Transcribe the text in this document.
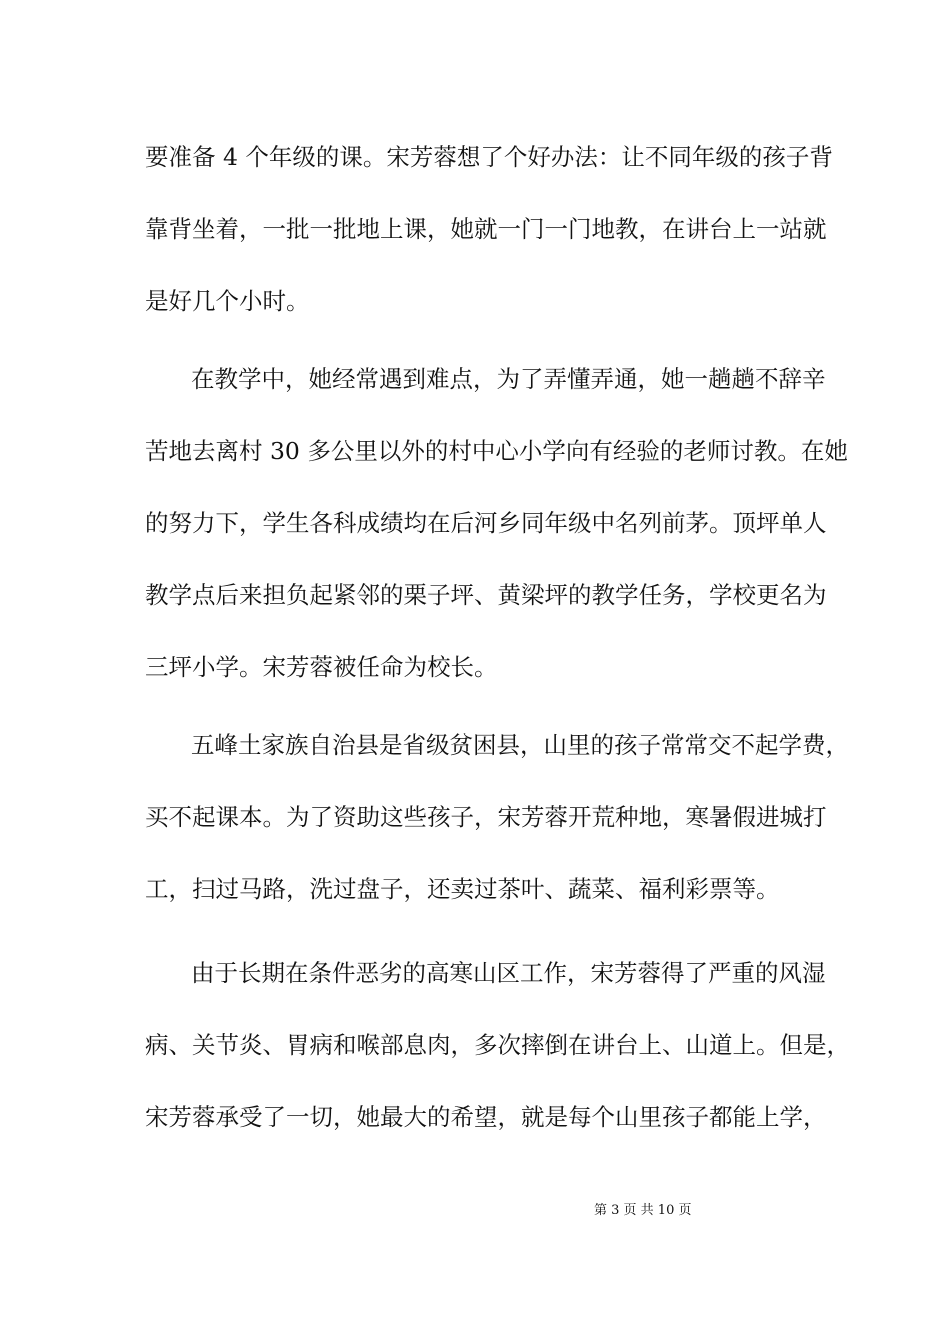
要准备 4 个年级的课。宋芳蓉想了个好办法：让不同年级的孩子背
靠背坐着，一批一批地上课，她就一门一门地教，在讲台上一站就
是好几个小时。
在教学中，她经常遇到难点，为了弄懂弄通，她一趟趟不辞辛
苦地去离村 30 多公里以外的村中心小学向有经验的老师讨教。在她
的努力下，学生各科成绩均在后河乡同年级中名列前茅。顶坪单人
教学点后来担负起紧邻的栗子坪、黄梁坪的教学任务，学校更名为
三坪小学。宋芳蓉被任命为校长。
五峰土家族自治县是省级贫困县，山里的孩子常常交不起学费，
买不起课本。为了资助这些孩子，宋芳蓉开荒种地，寒暑假进城打
工，扫过马路，洗过盘子，还卖过茶叶、蔬菜、福利彩票等。
由于长期在条件恶劣的高寒山区工作，宋芳蓉得了严重的风湿
病、关节炎、胃病和喉部息肉，多次摔倒在讲台上、山道上。但是，
宋芳蓉承受了一切，她最大的希望，就是每个山里孩子都能上学，
第 3 页 共 10 页
